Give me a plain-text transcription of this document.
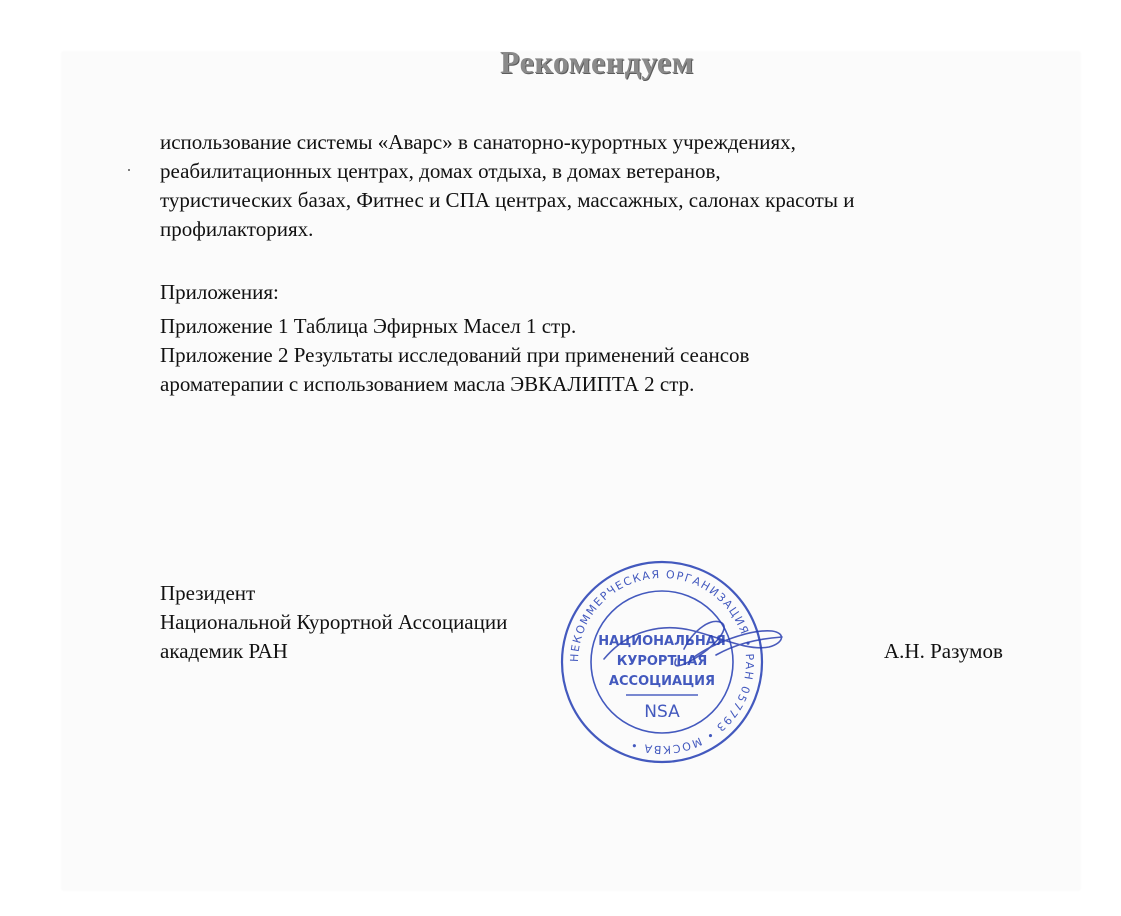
Рекомендуем
использование системы «Аварс» в санаторно-курортных учреждениях,
реабилитационных центрах, домах отдыха, в домах ветеранов,
туристических базах, Фитнес и СПА центрах, массажных, салонах красоты и
профилакториях.
Приложения:
Приложение 1 Таблица Эфирных Масел 1 стр.
Приложение 2 Результаты исследований при применений сеансов
ароматерапии с использованием масла ЭВКАЛИПТА 2 стр.
Президент
Национальной Курортной Ассоциации
академик РАН	А.Н. Разумов
НЕКОММЕРЧЕСКАЯ ОРГАНИЗАЦИЯ • РАН 057793 • МОСКВА •
НАЦИОНАЛЬНАЯ
КУРОРТНАЯ
АССОЦИАЦИЯ
NSA
